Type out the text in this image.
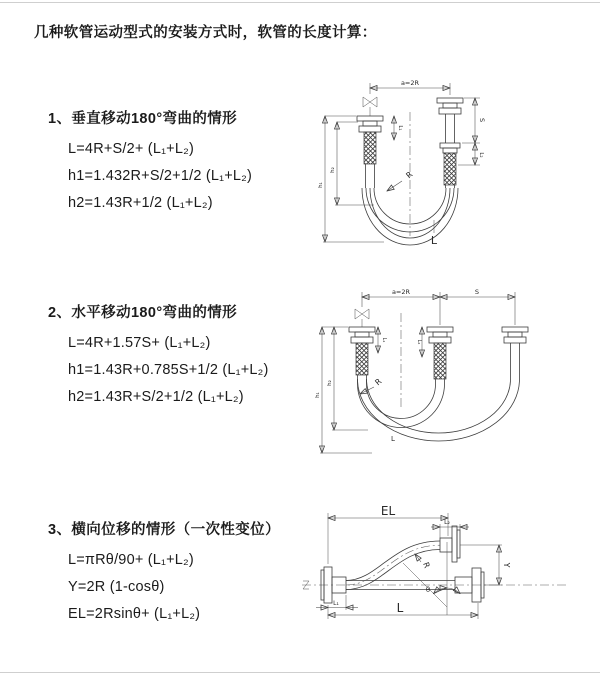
几种软管运动型式的安装方式时，软管的长度计算：
1、垂直移动180°弯曲的情形
L=4R+S/2+ (L₁+L₂)
h1=1.432R+S/2+1/2 (L₁+L₂)
h2=1.43R+1/2 (L₁+L₂)
2、水平移动180°弯曲的情形
L=4R+1.57S+ (L₁+L₂)
h1=1.43R+0.785S+1/2 (L₁+L₂)
h2=1.43R+S/2+1/2 (L₁+L₂)
3、横向位移的情形（一次性变位）
L=πRθ/90+ (L₁+L₂)
Y=2R (1-cosθ)
EL=2Rsinθ+ (L₁+L₂)
a=2R
L₁
S
L₂
h₁
h₂	R
L
a=2R	S
L₁	L₂
h₁
h₂	R
L
EL
L₂
Y
R
θ
L
L₁
